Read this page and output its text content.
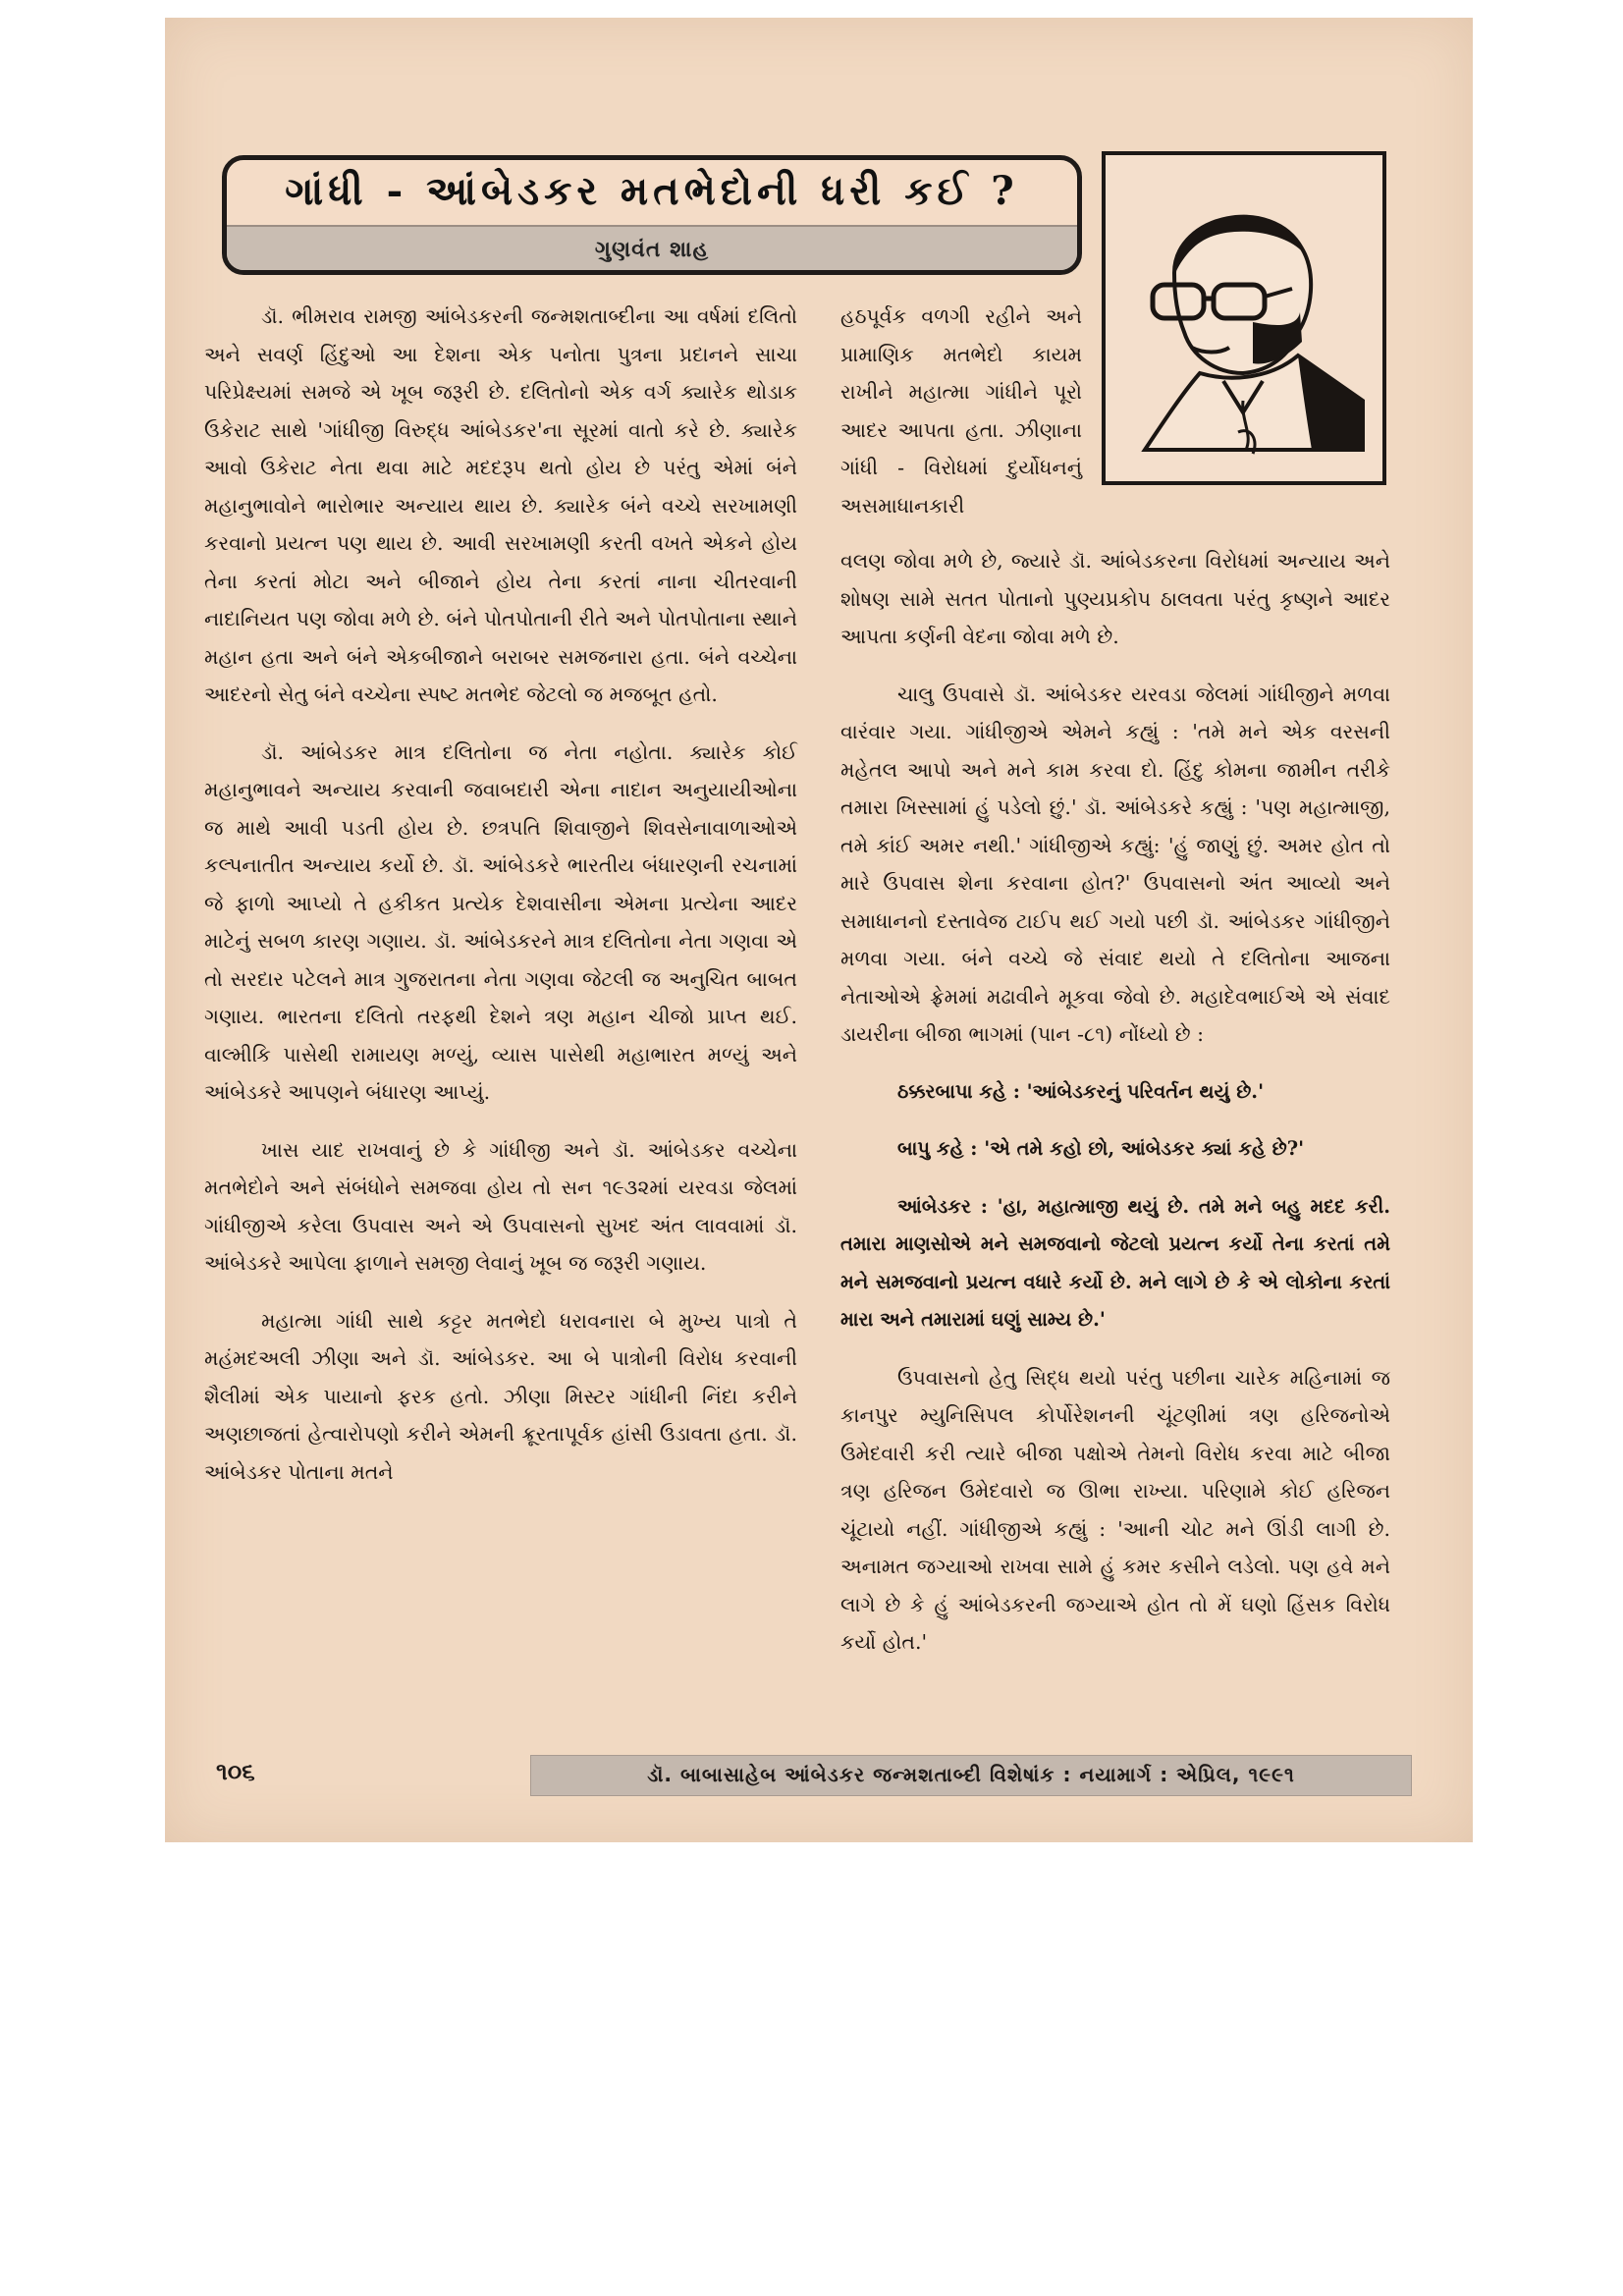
ગાંધી - આંબેડકર મતભેદોની ધરી કઈ ?
ગુણવંત શાહ

ડૉ. ભીમરાવ રામજી આંબેડકરની જન્મશતાબ્દીના આ વર્ષમાં દલિતો અને સવર્ણ હિંદુઓ આ દેશના એક પનોતા પુત્રના પ્રદાનને સાચા પરિપ્રેક્ષ્યમાં સમજે એ ખૂબ જરૂરી છે. દલિતોનો એક વર્ગ ક્યારેક થોડાક ઉકેરાટ સાથે 'ગાંધીજી વિરુદ્ધ આંબેડકર'ના સૂરમાં વાતો કરે છે. ક્યારેક આવો ઉકેરાટ નેતા થવા માટે મદદરૂપ થતો હોય છે પરંતુ એમાં બંને મહાનુભાવોને ભારોભાર અન્યાય થાય છે. ક્યારેક બંને વચ્ચે સરખામણી કરવાનો પ્રયત્ન પણ થાય છે. આવી સરખામણી કરતી વખતે એકને હોય તેના કરતાં મોટા અને બીજાને હોય તેના કરતાં નાના ચીતરવાની નાદાનિયત પણ જોવા મળે છે. બંને પોતપોતાની રીતે અને પોતપોતાના સ્થાને મહાન હતા અને બંને એકબીજાને બરાબર સમજનારા હતા. બંને વચ્ચેના આદરનો સેતુ બંને વચ્ચેના સ્પષ્ટ મતભેદ જેટલો જ મજબૂત હતો.

ડૉ. આંબેડકર માત્ર દલિતોના જ નેતા નહોતા. ક્યારેક કોઈ મહાનુભાવને અન્યાય કરવાની જવાબદારી એના નાદાન અનુયાયીઓના જ માથે આવી પડતી હોય છે. છત્રપતિ શિવાજીને શિવસેનાવાળાઓએ કલ્પનાતીત અન્યાય કર્યો છે. ડૉ. આંબેડકરે ભારતીય બંધારણની રચનામાં જે ફાળો આપ્યો તે હકીકત પ્રત્યેક દેશવાસીના એમના પ્રત્યેના આદર માટેનું સબળ કારણ ગણાય. ડૉ. આંબેડકરને માત્ર દલિતોના નેતા ગણવા એ તો સરદાર પટેલને માત્ર ગુજરાતના નેતા ગણવા જેટલી જ અનુચિત બાબત ગણાય. ભારતના દલિતો તરફથી દેશને ત્રણ મહાન ચીજો પ્રાપ્ત થઈ. વાલ્મીકિ પાસેથી રામાયણ મળ્યું, વ્યાસ પાસેથી મહાભારત મળ્યું અને આંબેડકરે આપણને બંધારણ આપ્યું.

ખાસ યાદ રાખવાનું છે કે ગાંધીજી અને ડૉ. આંબેડકર વચ્ચેના મતભેદોને અને સંબંધોને સમજવા હોય તો સન ૧૯૩૨માં યરવડા જેલમાં ગાંધીજીએ કરેલા ઉપવાસ અને એ ઉપવાસનો સુખદ અંત લાવવામાં ડૉ. આંબેડકરે આપેલા ફાળાને સમજી લેવાનું ખૂબ જ જરૂરી ગણાય.

મહાત્મા ગાંધી સાથે કટ્ટર મતભેદો ધરાવનારા બે મુખ્ય પાત્રો તે મહંમદઅલી ઝીણા અને ડૉ. આંબેડકર. આ બે પાત્રોની વિરોધ કરવાની શૈલીમાં એક પાયાનો ફરક હતો. ઝીણા મિસ્ટર ગાંધીની નિંદા કરીને અણછાજતાં હેત્વારોપણો કરીને એમની ક્રૂરતાપૂર્વક હાંસી ઉડાવતા હતા. ડૉ. આંબેડકર પોતાના મતને

હઠપૂર્વક વળગી રહીને અને પ્રામાણિક મતભેદો કાયમ રાખીને મહાત્મા ગાંધીને પૂરો આદર આપતા હતા. ઝીણાના ગાંધી - વિરોધમાં દુર્યોધનનું અસમાધાનકારી

વલણ જોવા મળે છે, જ્યારે ડૉ. આંબેડકરના વિરોધમાં અન્યાય અને શોષણ સામે સતત પોતાનો પુણ્યપ્રકોપ ઠાલવતા પરંતુ કૃષ્ણને આદર આપતા કર્ણની વેદના જોવા મળે છે.

ચાલુ ઉપવાસે ડૉ. આંબેડકર યરવડા જેલમાં ગાંધીજીને મળવા વારંવાર ગયા. ગાંધીજીએ એમને કહ્યું : 'તમે મને એક વરસની મહેતલ આપો અને મને કામ કરવા દો. હિંદુ કોમના જામીન તરીકે તમારા ખિસ્સામાં હું પડેલો છું.' ડૉ. આંબેડકરે કહ્યું : 'પણ મહાત્માજી, તમે કાંઈ અમર નથી.' ગાંધીજીએ કહ્યું: 'હું જાણું છું. અમર હોત તો મારે ઉપવાસ શેના કરવાના હોત?' ઉપવાસનો અંત આવ્યો અને સમાધાનનો દસ્તાવેજ ટાઈપ થઈ ગયો પછી ડૉ. આંબેડકર ગાંધીજીને મળવા ગયા. બંને વચ્ચે જે સંવાદ થયો તે દલિતોના આજના નેતાઓએ ફ્રેમમાં મઢાવીને મૂકવા જેવો છે. મહાદેવભાઈએ એ સંવાદ ડાયરીના બીજા ભાગમાં (પાન -૮૧) નોંધ્યો છે :

ઠક્કરબાપા કહે : 'આંબેડકરનું પરિવર્તન થયું છે.'

બાપુ કહે : 'એ તમે કહો છો, આંબેડકર ક્યાં કહે છે?'

આંબેડકર : 'હા, મહાત્માજી થયું છે. તમે મને બહુ મદદ કરી. તમારા માણસોએ મને સમજવાનો જેટલો પ્રયત્ન કર્યો તેના કરતાં તમે મને સમજવાનો પ્રયત્ન વધારે કર્યો છે. મને લાગે છે કે એ લોકોના કરતાં મારા અને તમારામાં ઘણું સામ્ય છે.'

ઉપવાસનો હેતુ સિદ્ધ થયો પરંતુ પછીના ચારેક મહિનામાં જ કાનપુર મ્યુનિસિપલ કોર્પોરેશનની ચૂંટણીમાં ત્રણ હરિજનોએ ઉમેદવારી કરી ત્યારે બીજા પક્ષોએ તેમનો વિરોધ કરવા માટે બીજા ત્રણ હરિજન ઉમેદવારો જ ઊભા રાખ્યા. પરિણામે કોઈ હરિજન ચૂંટાયો નહીં. ગાંધીજીએ કહ્યું : 'આની ચોટ મને ઊંડી લાગી છે. અનામત જગ્યાઓ રાખવા સામે હું કમર કસીને લડેલો. પણ હવે મને લાગે છે કે હું આંબેડકરની જગ્યાએ હોત તો મેં ઘણો હિંસક વિરોધ કર્યો હોત.'

૧૦૬	ડૉ. બાબાસાહેબ આંબેડકર જન્મશતાબ્દી વિશેષાંક : નયામાર્ગ : એપ્રિલ, ૧૯૯૧
